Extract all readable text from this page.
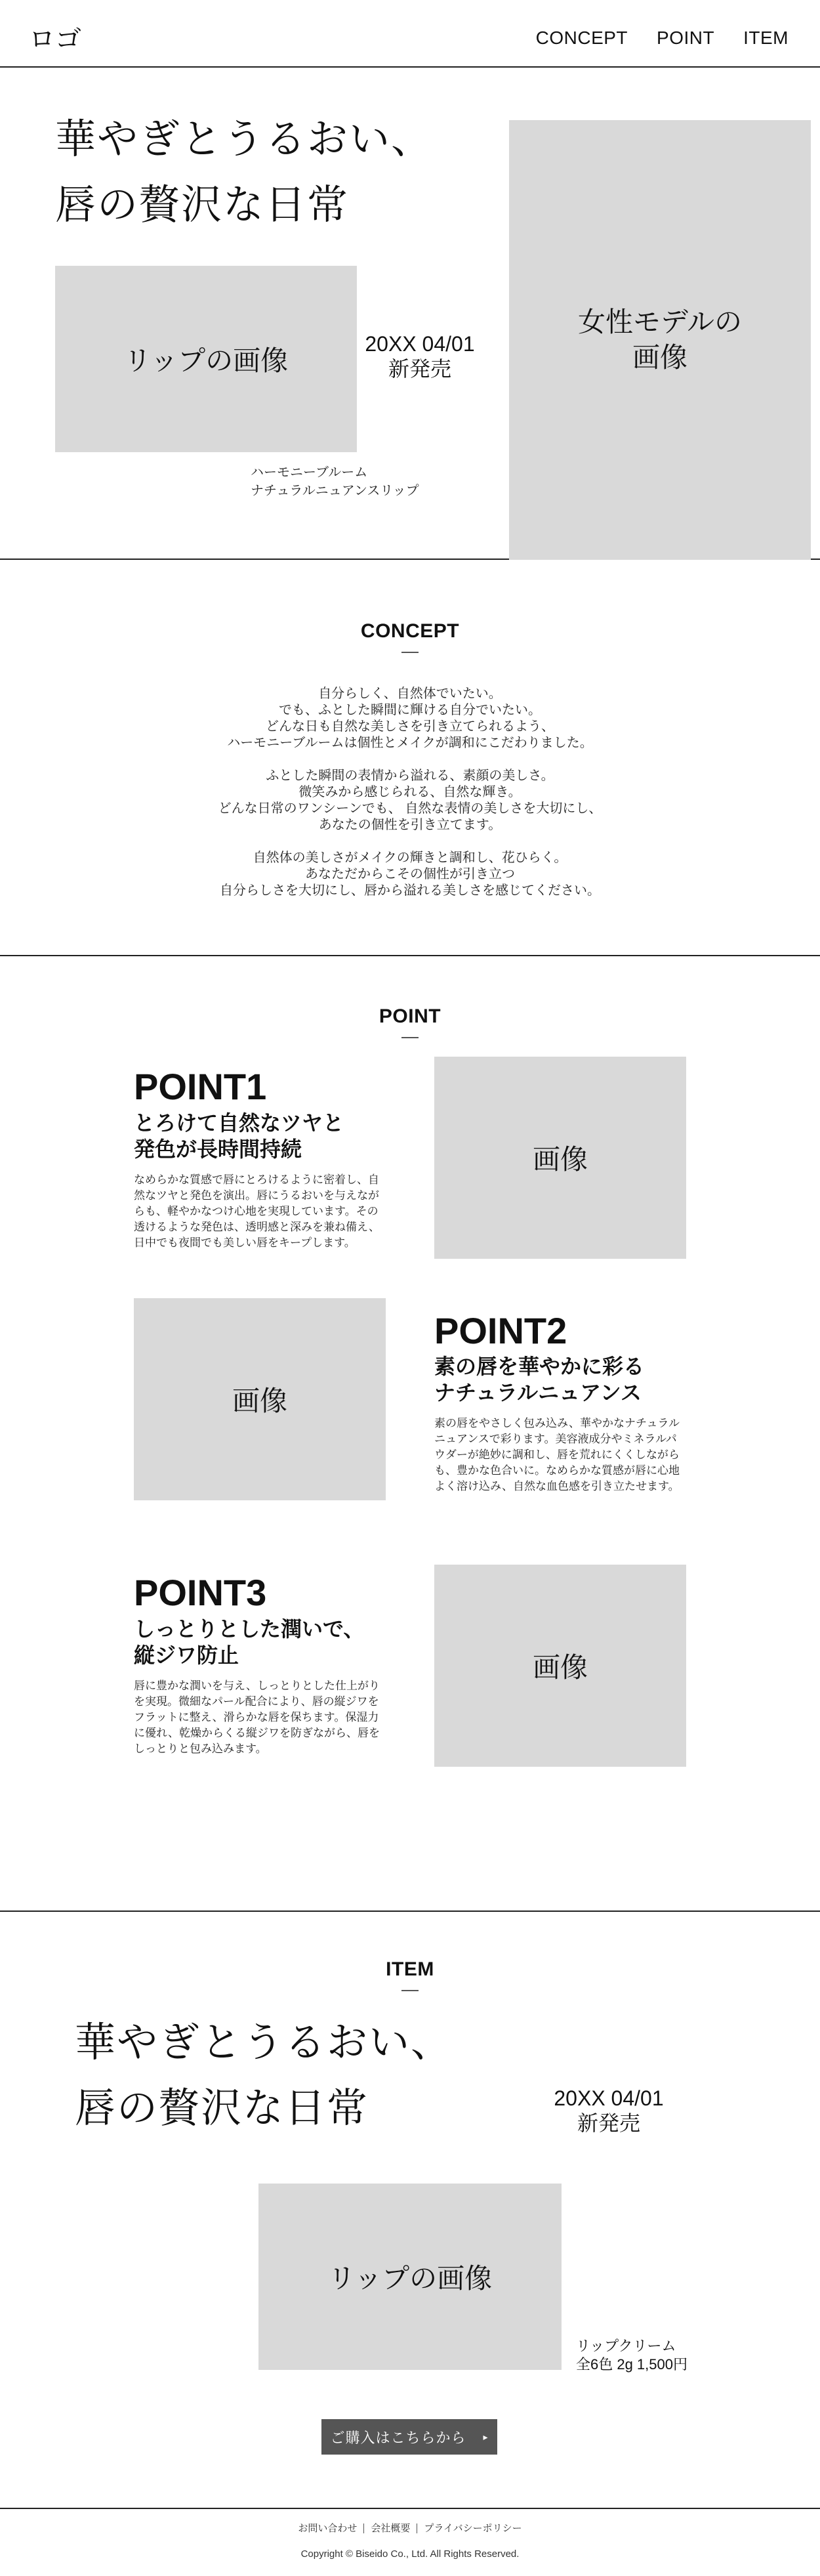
ロゴ	CONCEPT POINT ITEM
華やぎとうるおい、
唇の贅沢な日常
リップの画像
20XX 04/01
新発売
ハーモニーブルーム
ナチュラルニュアンスリップ
女性モデルの
画像
CONCEPT

自分らしく、自然体でいたい。
でも、ふとした瞬間に輝ける自分でいたい。
どんな日も自然な美しさを引き立てられるよう、
ハーモニーブルームは個性とメイクが調和にこだわりました。

ふとした瞬間の表情から溢れる、素顔の美しさ。
微笑みから感じられる、自然な輝き。
どんな日常のワンシーンでも、 自然な表情の美しさを大切にし、
あなたの個性を引き立てます。

自然体の美しさがメイクの輝きと調和し、花ひらく。
あなただからこその個性が引き立つ
自分らしさを大切にし、唇から溢れる美しさを感じてください。

POINT
POINT1
とろけて自然なツヤと
発色が長時間持続
なめらかな質感で唇にとろけるように密着し、自然なツヤと発色を演出。唇にうるおいを与えながらも、軽やかなつけ心地を実現しています。その透けるような発色は、透明感と深みを兼ね備え、日中でも夜間でも美しい唇をキープします。
画像
画像
POINT2
素の唇を華やかに彩る
ナチュラルニュアンス
素の唇をやさしく包み込み、華やかなナチュラルニュアンスで彩ります。美容液成分やミネラルパウダーが絶妙に調和し、唇を荒れにくくしながらも、豊かな色合いに。なめらかな質感が唇に心地よく溶け込み、自然な血色感を引き立たせます。
POINT3
しっとりとした潤いで、
縦ジワ防止
唇に豊かな潤いを与え、しっとりとした仕上がりを実現。微細なパール配合により、唇の縦ジワをフラットに整え、滑らかな唇を保ちます。保湿力に優れ、乾燥からくる縦ジワを防ぎながら、唇をしっとりと包み込みます。
画像
ITEM
華やぎとうるおい、
唇の贅沢な日常	20XX 04/01
新発売
リップの画像
リップクリーム
全6色 2g 1,500円
ご購入はこちらから ▸
お問い合わせ	会社概要	プライバシーポリシー
Copyright © Biseido Co., Ltd. All Rights Reserved.
